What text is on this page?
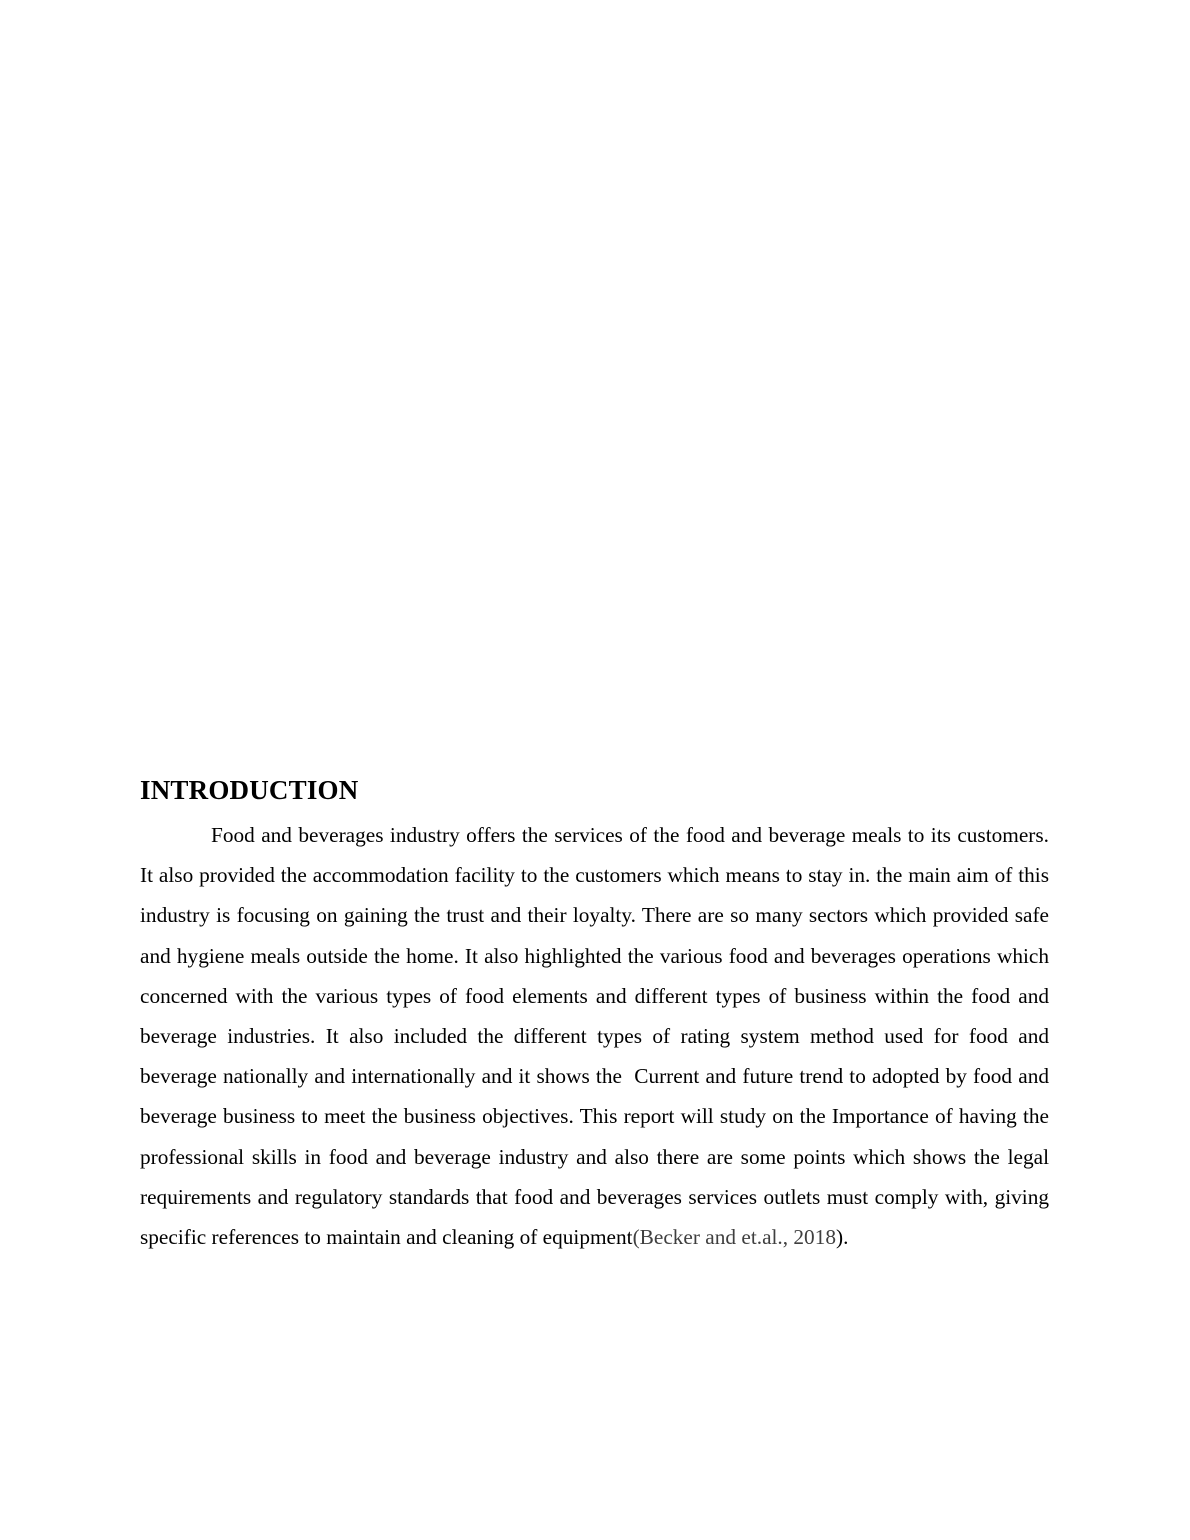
INTRODUCTION

Food and beverages industry offers the services of the food and beverage meals to its customers. It also provided the accommodation facility to the customers which means to stay in. the main aim of this industry is focusing on gaining the trust and their loyalty. There are so many sectors which provided safe and hygiene meals outside the home. It also highlighted the various food and beverages operations which concerned with the various types of food elements and different types of business within the food and beverage industries. It also included the different types of rating system method used for food and beverage nationally and internationally and it shows the  Current and future trend to adopted by food and beverage business to meet the business objectives. This report will study on the Importance of having the professional skills in food and beverage industry and also there are some points which shows the legal requirements and regulatory standards that food and beverages services outlets must comply with, giving specific references to maintain and cleaning of equipment(Becker and et.al., 2018).
